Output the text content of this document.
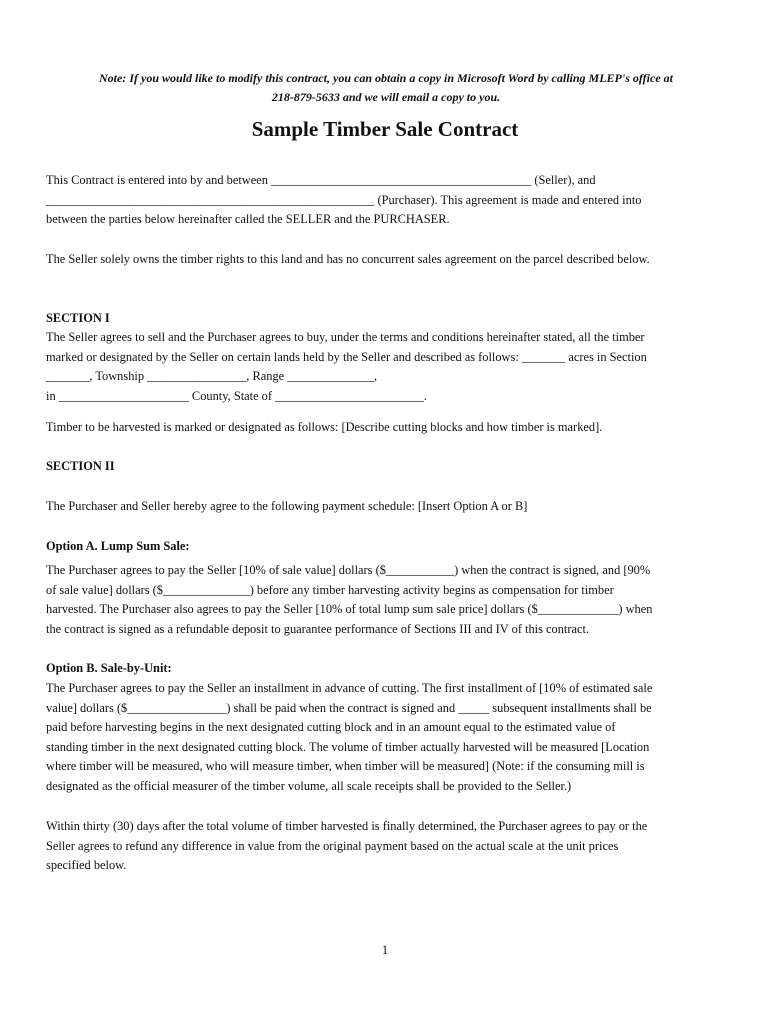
Note: If you would like to modify this contract, you can obtain a copy in Microsoft Word by calling MLEP's office at
218-879-5633 and we will email a copy to you.
Sample Timber Sale Contract
This Contract is entered into by and between __________________________________________ (Seller), and
_____________________________________________________ (Purchaser). This agreement is made and entered into
between the parties below hereinafter called the SELLER and the PURCHASER.
The Seller solely owns the timber rights to this land and has no concurrent sales agreement on the parcel described below.
SECTION I
The Seller agrees to sell and the Purchaser agrees to buy, under the terms and conditions hereinafter stated, all the timber
marked or designated by the Seller on certain lands held by the Seller and described as follows: _______ acres in Section
_______, Township ________________, Range ______________,
in _____________________ County, State of ________________________.
Timber to be harvested is marked or designated as follows: [Describe cutting blocks and how timber is marked].
SECTION II
The Purchaser and Seller hereby agree to the following payment schedule: [Insert Option A or B]
Option A. Lump Sum Sale:
The Purchaser agrees to pay the Seller [10% of sale value] dollars ($___________) when the contract is signed, and [90%
of sale value] dollars ($______________) before any timber harvesting activity begins as compensation for timber
harvested. The Purchaser also agrees to pay the Seller [10% of total lump sum sale price] dollars ($_____________) when
the contract is signed as a refundable deposit to guarantee performance of Sections III and IV of this contract.
Option B. Sale-by-Unit:
The Purchaser agrees to pay the Seller an installment in advance of cutting. The first installment of [10% of estimated sale
value] dollars ($________________) shall be paid when the contract is signed and _____ subsequent installments shall be
paid before harvesting begins in the next designated cutting block and in an amount equal to the estimated value of
standing timber in the next designated cutting block. The volume of timber actually harvested will be measured [Location
where timber will be measured, who will measure timber, when timber will be measured] (Note: if the consuming mill is
designated as the official measurer of the timber volume, all scale receipts shall be provided to the Seller.)
Within thirty (30) days after the total volume of timber harvested is finally determined, the Purchaser agrees to pay or the
Seller agrees to refund any difference in value from the original payment based on the actual scale at the unit prices
specified below.
1
